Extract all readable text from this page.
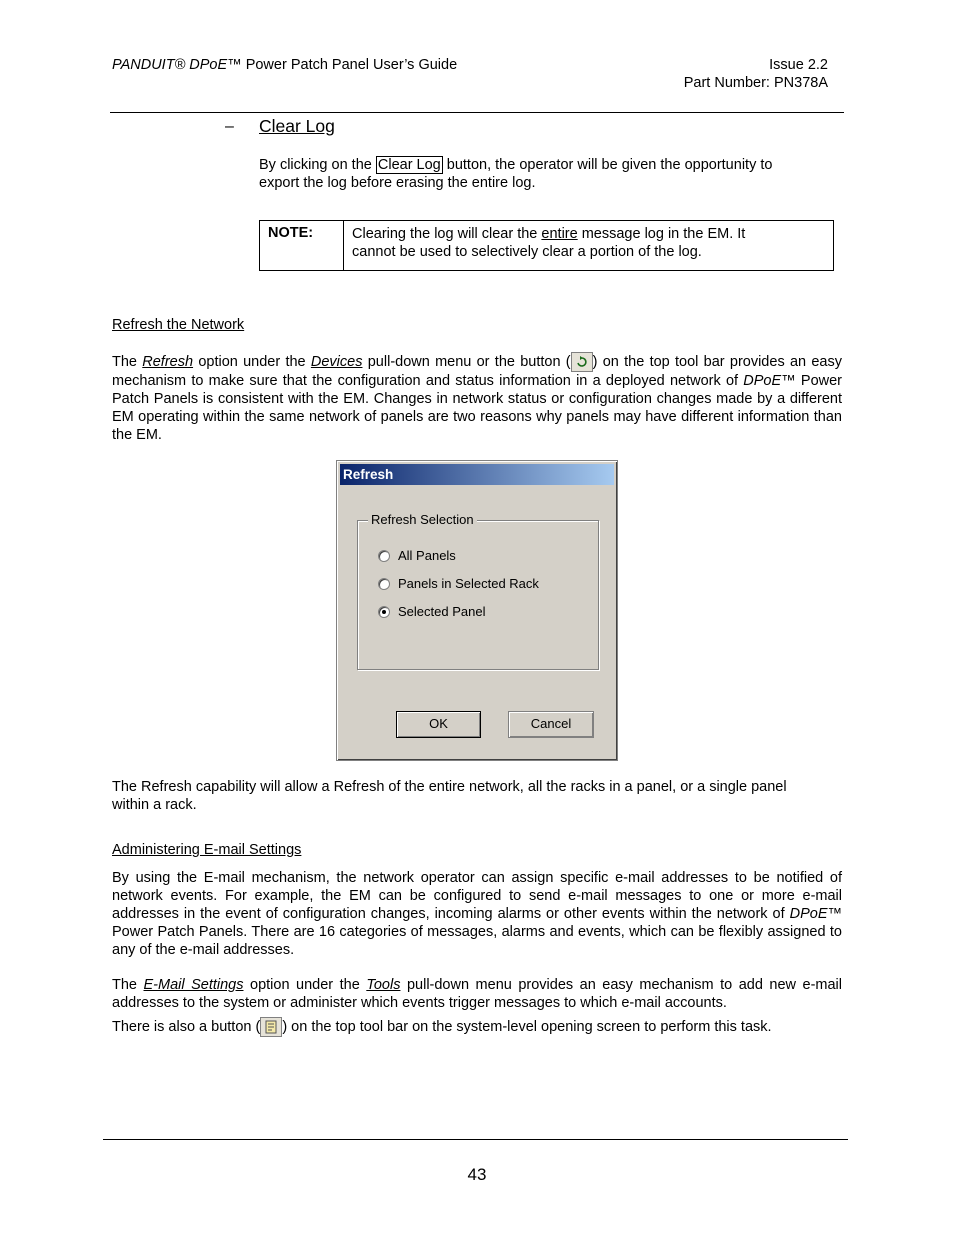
PANDUIT® DPoE™ Power Patch Panel User’s Guide	Issue 2.2
Part Number: PN378A
– Clear Log
By clicking on the Clear Log button, the operator will be given the opportunity to
export the log before erasing the entire log.
NOTE:	Clearing the log will clear the entire message log in the EM. It
cannot be used to selectively clear a portion of the log.
Refresh the Network
The Refresh option under the Devices pull-down menu or the button ( ) on the top tool bar provides an easy mechanism to make sure that the configuration and status information in a deployed network of DPoE™ Power Patch Panels is consistent with the EM. Changes in network status or configuration changes made by a different EM operating within the same network of panels are two reasons why panels may have different information than the EM.
Refresh
Refresh Selection
All Panels
Panels in Selected Rack
Selected Panel
OK	Cancel
The Refresh capability will allow a Refresh of the entire network, all the racks in a panel, or a single panel
within a rack.
Administering E-mail Settings
By using the E-mail mechanism, the network operator can assign specific e-mail addresses to be notified of network events. For example, the EM can be configured to send e-mail messages to one or more e-mail addresses in the event of configuration changes, incoming alarms or other events within the network of DPoE™ Power Patch Panels. There are 16 categories of messages, alarms and events, which can be flexibly assigned to any of the e-mail addresses.
The E-Mail Settings option under the Tools pull-down menu provides an easy mechanism to add new e-mail addresses to the system or administer which events trigger messages to which e-mail accounts.
There is also a button ( ) on the top tool bar on the system-level opening screen to perform this task.
43
